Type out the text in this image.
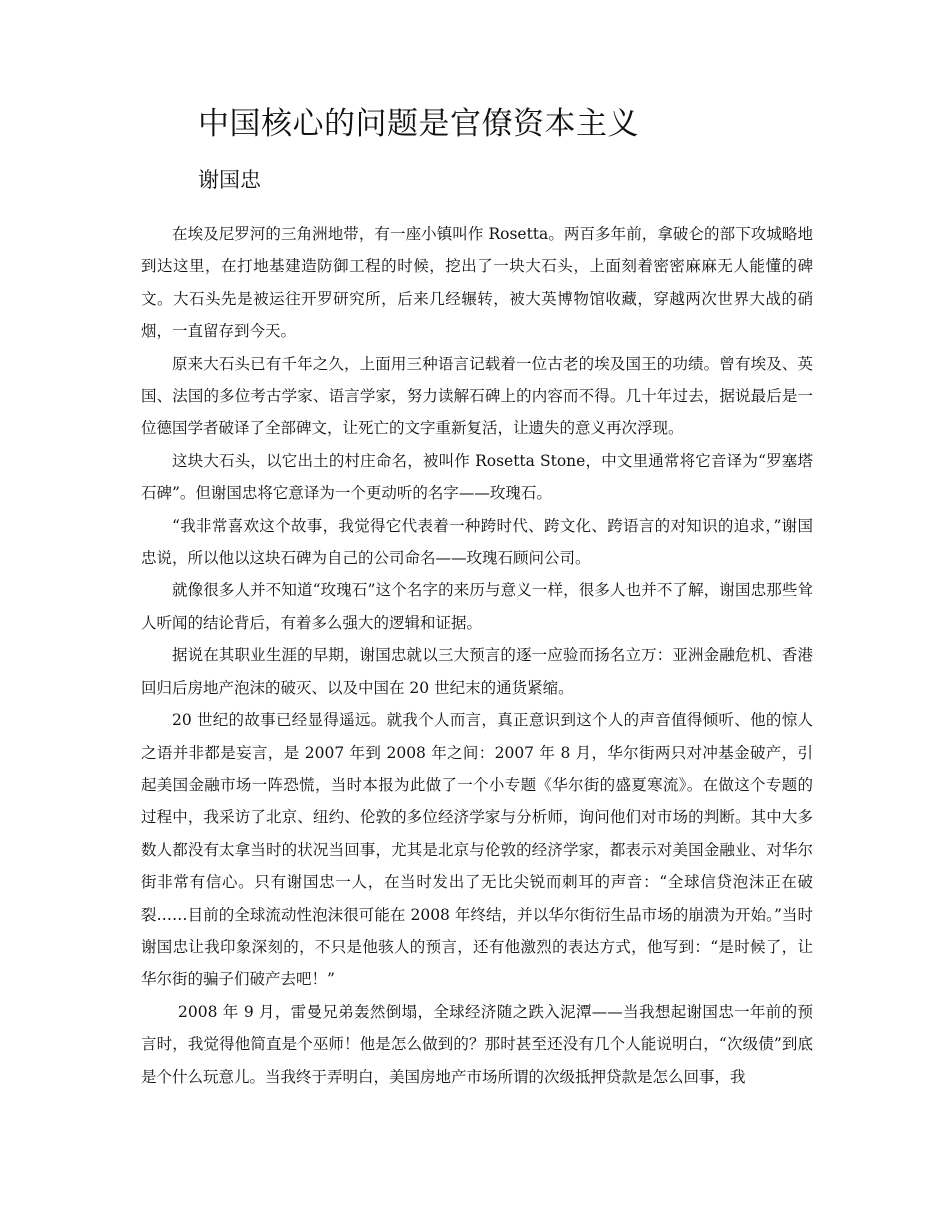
中国核心的问题是官僚资本主义
谢国忠

在埃及尼罗河的三角洲地带，有一座小镇叫作 Rosetta。两百多年前，拿破仑的部下攻城略地到达这里，在打地基建造防御工程的时候，挖出了一块大石头，上面刻着密密麻麻无人能懂的碑文。大石头先是被运往开罗研究所，后来几经辗转，被大英博物馆收藏，穿越两次世界大战的硝烟，一直留存到今天。

原来大石头已有千年之久，上面用三种语言记载着一位古老的埃及国王的功绩。曾有埃及、英国、法国的多位考古学家、语言学家，努力读解石碑上的内容而不得。几十年过去，据说最后是一位德国学者破译了全部碑文，让死亡的文字重新复活，让遗失的意义再次浮现。

这块大石头，以它出土的村庄命名，被叫作 Rosetta Stone，中文里通常将它音译为“罗塞塔石碑”。但谢国忠将它意译为一个更动听的名字——玫瑰石。

“我非常喜欢这个故事，我觉得它代表着一种跨时代、跨文化、跨语言的对知识的追求，”谢国忠说，所以他以这块石碑为自己的公司命名——玫瑰石顾问公司。

就像很多人并不知道“玫瑰石”这个名字的来历与意义一样，很多人也并不了解，谢国忠那些耸人听闻的结论背后，有着多么强大的逻辑和证据。

据说在其职业生涯的早期，谢国忠就以三大预言的逐一应验而扬名立万：亚洲金融危机、香港回归后房地产泡沫的破灭、以及中国在 20 世纪末的通货紧缩。

20 世纪的故事已经显得遥远。就我个人而言，真正意识到这个人的声音值得倾听、他的惊人之语并非都是妄言，是 2007 年到 2008 年之间：2007 年 8 月，华尔街两只对冲基金破产，引起美国金融市场一阵恐慌，当时本报为此做了一个小专题《华尔街的盛夏寒流》。在做这个专题的过程中，我采访了北京、纽约、伦敦的多位经济学家与分析师，询问他们对市场的判断。其中大多数人都没有太拿当时的状况当回事，尤其是北京与伦敦的经济学家，都表示对美国金融业、对华尔街非常有信心。只有谢国忠一人，在当时发出了无比尖锐而刺耳的声音：“全球信贷泡沫正在破裂……目前的全球流动性泡沫很可能在 2008 年终结，并以华尔街衍生品市场的崩溃为开始。”当时谢国忠让我印象深刻的，不只是他骇人的预言，还有他激烈的表达方式，他写到：“是时候了，让华尔街的骗子们破产去吧！”

2008 年 9 月，雷曼兄弟轰然倒塌，全球经济随之跌入泥潭——当我想起谢国忠一年前的预言时，我觉得他简直是个巫师！他是怎么做到的？那时甚至还没有几个人能说明白，“次级债”到底是个什么玩意儿。当我终于弄明白，美国房地产市场所谓的次级抵押贷款是怎么回事，我
